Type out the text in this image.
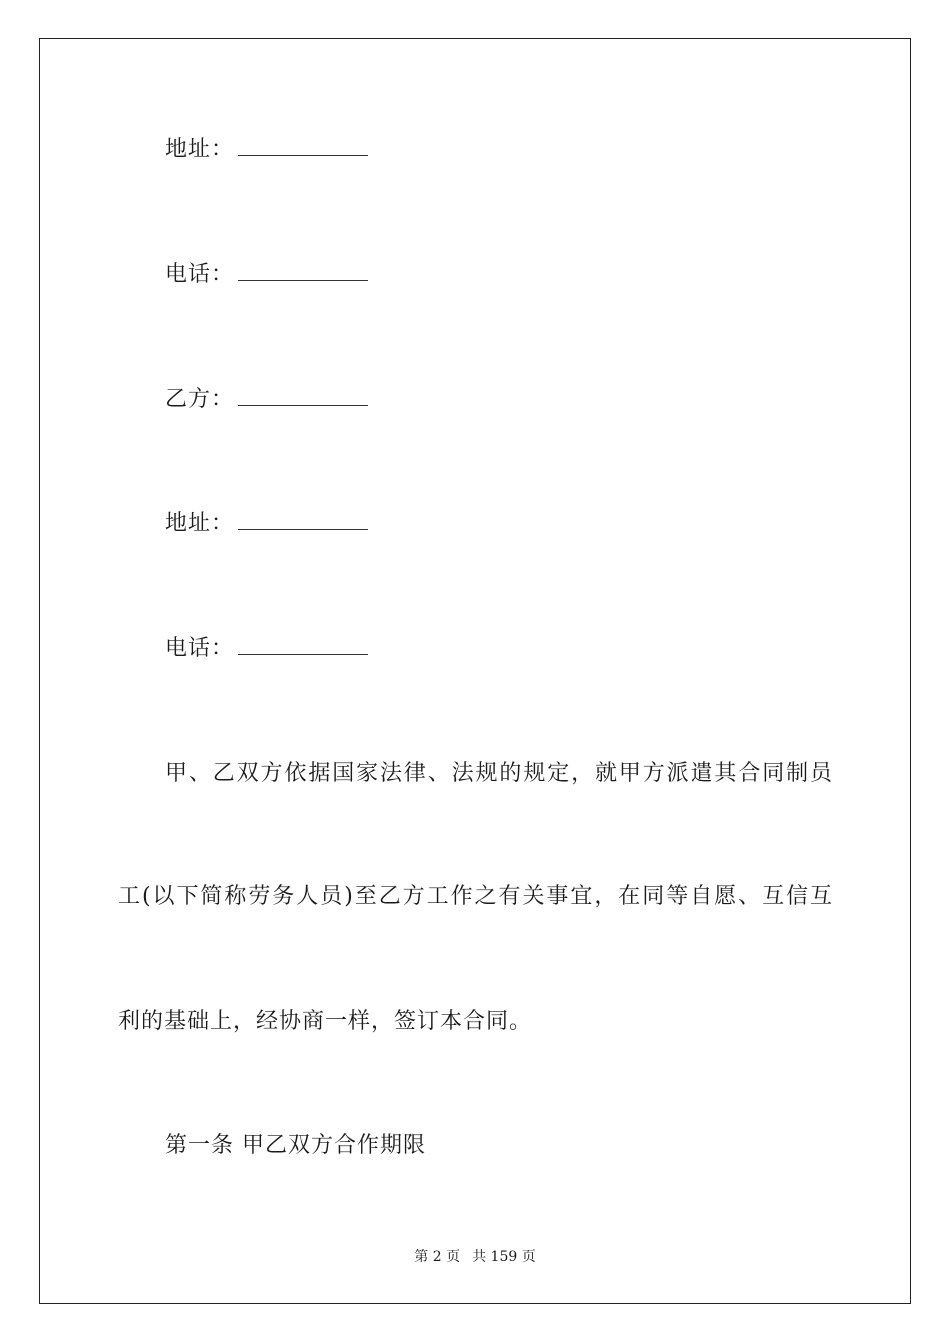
地址：
电话：
乙方：
地址：
电话：
甲、乙双方依据国家法律、法规的规定，就甲方派遣其合同制员
工(以下简称劳务人员)至乙方工作之有关事宜，在同等自愿、互信互
利的基础上，经协商一样，签订本合同。
第一条 甲乙双方合作期限
第 2 页 共 159 页
